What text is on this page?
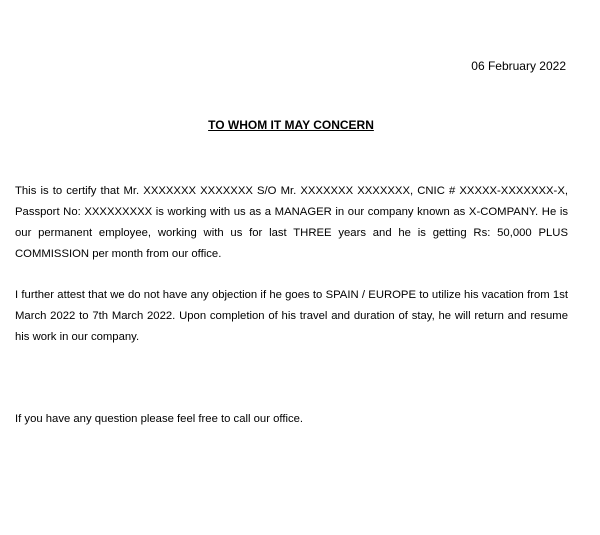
06 February 2022
TO WHOM IT MAY CONCERN

This is to certify that Mr. XXXXXXX XXXXXXX S/O Mr. XXXXXXX XXXXXXX, CNIC # XXXXX-XXXXXXX-X, Passport No: XXXXXXXXX is working with us as a MANAGER in our company known as X-COMPANY. He is our permanent employee, working with us for last THREE years and he is getting Rs: 50,000 PLUS COMMISSION per month from our office.

I further attest that we do not have any objection if he goes to SPAIN / EUROPE to utilize his vacation from 1st March 2022 to 7th March 2022. Upon completion of his travel and duration of stay, he will return and resume his work in our company.

If you have any question please feel free to call our office.
